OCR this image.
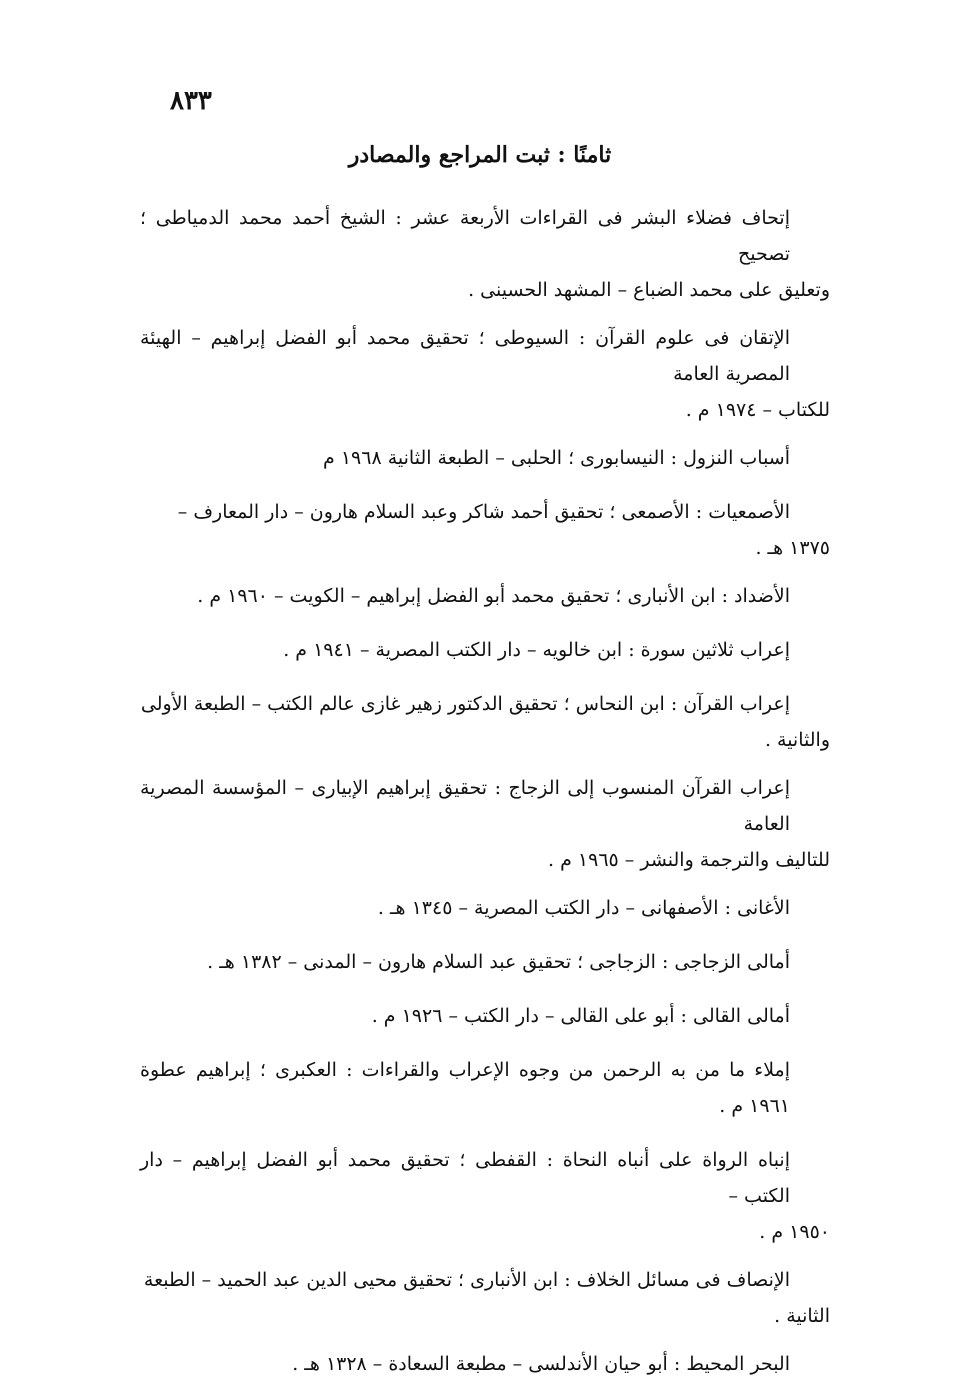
٨٣٣
ثامنًا : ثبت المراجع والمصادر

إتحاف فضلاء البشر فى القراءات الأربعة عشر : الشيخ أحمد محمد الدمياطى ؛ تصحيح
وتعليق على محمد الضباع – المشهد الحسينى .

الإتقان فى علوم القرآن : السيوطى ؛ تحقيق محمد أبو الفضل إبراهيم – الهيئة المصرية العامة
للكتاب – ١٩٧٤ م .

أسباب النزول : النيسابورى ؛ الحلبى – الطبعة الثانية ١٩٦٨ م

الأصمعيات : الأصمعى ؛ تحقيق أحمد شاكر وعبد السلام هارون – دار المعارف –
١٣٧٥ هـ .

الأضداد : ابن الأنبارى ؛ تحقيق محمد أبو الفضل إبراهيم – الكويت – ١٩٦٠ م .

إعراب ثلاثين سورة : ابن خالويه – دار الكتب المصرية – ١٩٤١ م .

إعراب القرآن : ابن النحاس ؛ تحقيق الدكتور زهير غازى عالم الكتب – الطبعة الأولى
والثانية .

إعراب القرآن المنسوب إلى الزجاج : تحقيق إبراهيم الإبيارى – المؤسسة المصرية العامة
للتاليف والترجمة والنشر – ١٩٦٥ م .

الأغانى : الأصفهانى – دار الكتب المصرية – ١٣٤٥ هـ .

أمالى الزجاجى : الزجاجى ؛ تحقيق عبد السلام هارون – المدنى – ١٣٨٢ هـ .

أمالى القالى : أبو على القالى – دار الكتب – ١٩٢٦ م .

إملاء ما من به الرحمن من وجوه الإعراب والقراءات : العكبرى ؛ إبراهيم عطوة ١٩٦١ م .

إنباه الرواة على أنباه النحاة : القفطى ؛ تحقيق محمد أبو الفضل إبراهيم – دار الكتب –
١٩٥٠ م .

الإنصاف فى مسائل الخلاف : ابن الأنبارى ؛ تحقيق محيى الدين عبد الحميد – الطبعة
الثانية .

البحر المحيط : أبو حيان الأندلسى – مطبعة السعادة – ١٣٢٨ هـ .
